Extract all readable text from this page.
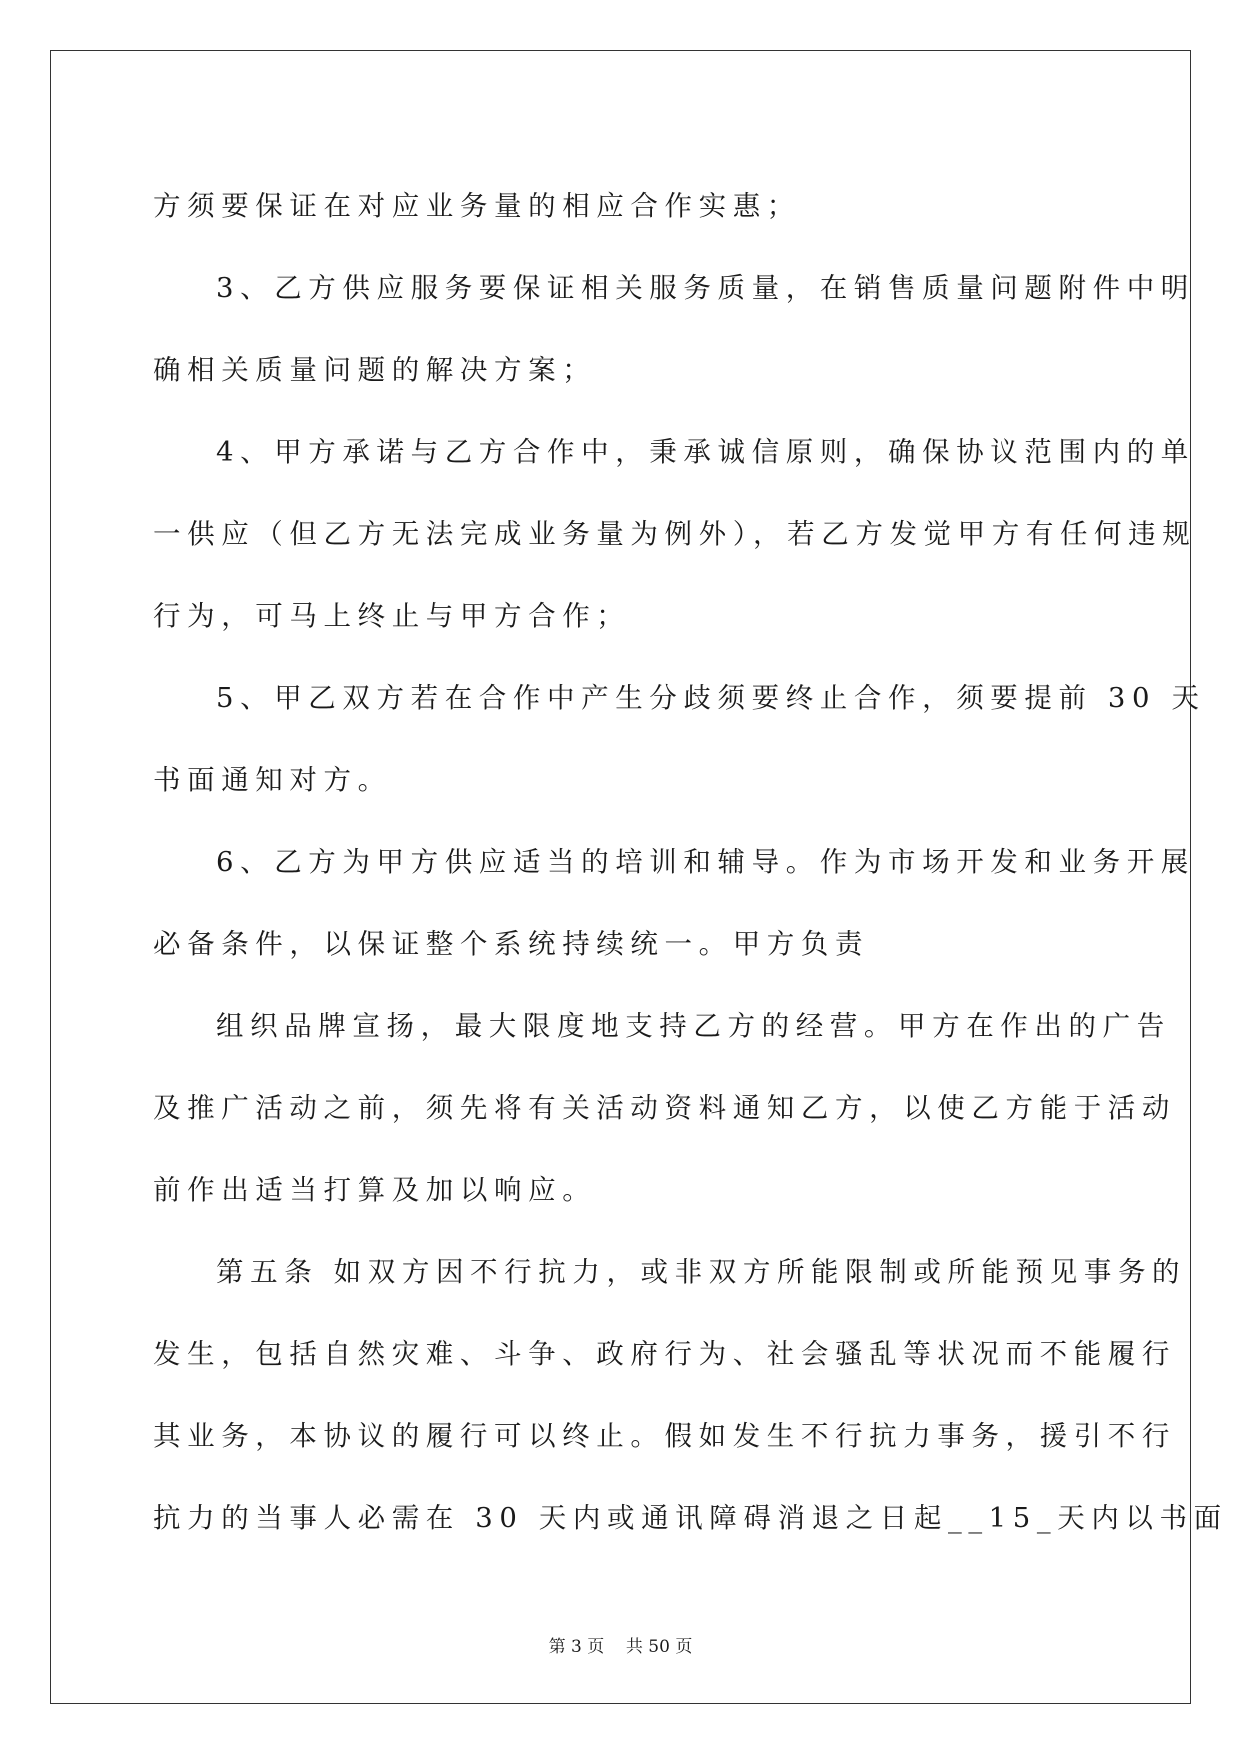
方须要保证在对应业务量的相应合作实惠；
3、乙方供应服务要保证相关服务质量，在销售质量问题附件中明
确相关质量问题的解决方案；
4、甲方承诺与乙方合作中，秉承诚信原则，确保协议范围内的单
一供应（但乙方无法完成业务量为例外），若乙方发觉甲方有任何违规
行为，可马上终止与甲方合作；
5、甲乙双方若在合作中产生分歧须要终止合作，须要提前 30 天
书面通知对方。
6、乙方为甲方供应适当的培训和辅导。作为市场开发和业务开展
必备条件，以保证整个系统持续统一。甲方负责
组织品牌宣扬，最大限度地支持乙方的经营。甲方在作出的广告
及推广活动之前，须先将有关活动资料通知乙方，以使乙方能于活动
前作出适当打算及加以响应。
第五条 如双方因不行抗力，或非双方所能限制或所能预见事务的
发生，包括自然灾难、斗争、政府行为、社会骚乱等状况而不能履行
其业务，本协议的履行可以终止。假如发生不行抗力事务，援引不行
抗力的当事人必需在 30 天内或通讯障碍消退之日起__15_天内以书面
第 3 页    共 50 页
